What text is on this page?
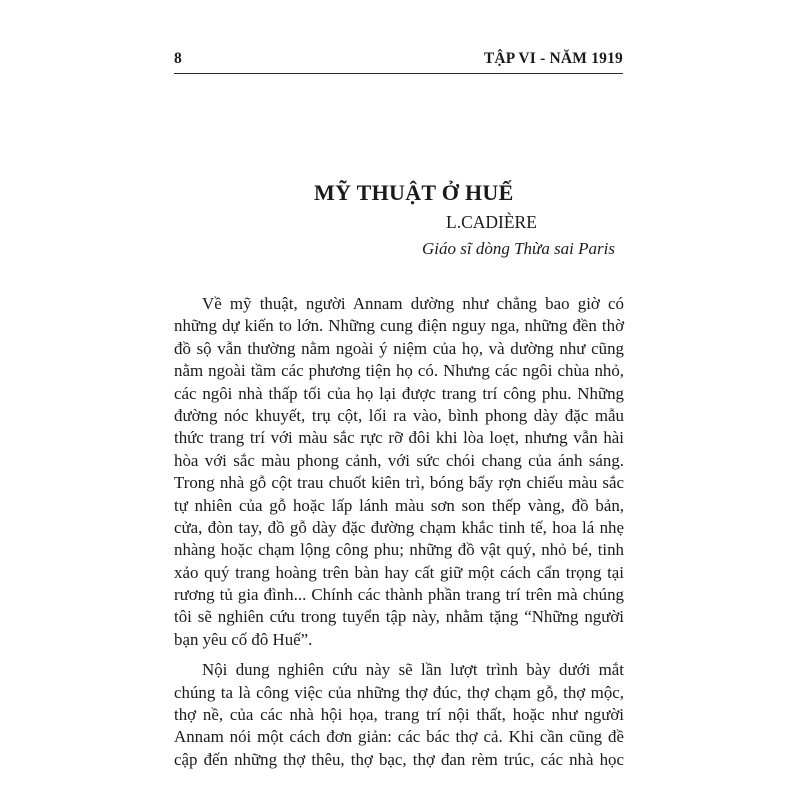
8	TẬP VI - NĂM 1919
MỸ THUẬT Ở HUẾ
L.CADIÈRE
Giáo sĩ dòng Thừa sai Paris
Về mỹ thuật, người Annam dường như chẳng bao giờ có
những dự kiến to lớn. Những cung điện nguy nga, những đền thờ
đồ sộ vẫn thường nằm ngoài ý niệm của họ, và dường như cũng
nằm ngoài tầm các phương tiện họ có. Nhưng các ngôi chùa nhỏ,
các ngôi nhà thấp tối của họ lại được trang trí công phu. Những
đường nóc khuyết, trụ cột, lối ra vào, bình phong dày đặc mẫu
thức trang trí với màu sắc rực rỡ đôi khi lòa loẹt, nhưng vẫn hài
hòa với sắc màu phong cảnh, với sức chói chang của ánh sáng.
Trong nhà gỗ cột trau chuốt kiên trì, bóng bẩy rợn chiếu màu sắc
tự nhiên của gỗ hoặc lấp lánh màu sơn son thếp vàng, đồ bản,
cửa, đòn tay, đồ gỗ dày đặc đường chạm khắc tinh tế, hoa lá nhẹ
nhàng hoặc chạm lộng công phu; những đồ vật quý, nhỏ bé, tinh
xảo quý trang hoàng trên bàn hay cất giữ một cách cẩn trọng tại
rương tủ gia đình... Chính các thành phần trang trí trên mà chúng
tôi sẽ nghiên cứu trong tuyển tập này, nhằm tặng “Những người
bạn yêu cố đô Huế”.
Nội dung nghiên cứu này sẽ lần lượt trình bày dưới mắt
chúng ta là công việc của những thợ đúc, thợ chạm gỗ, thợ mộc,
thợ nề, của các nhà hội họa, trang trí nội thất, hoặc như người
Annam nói một cách đơn giản: các bác thợ cả. Khi cần cũng đề
cập đến những thợ thêu, thợ bạc, thợ đan rèm trúc, các nhà học
